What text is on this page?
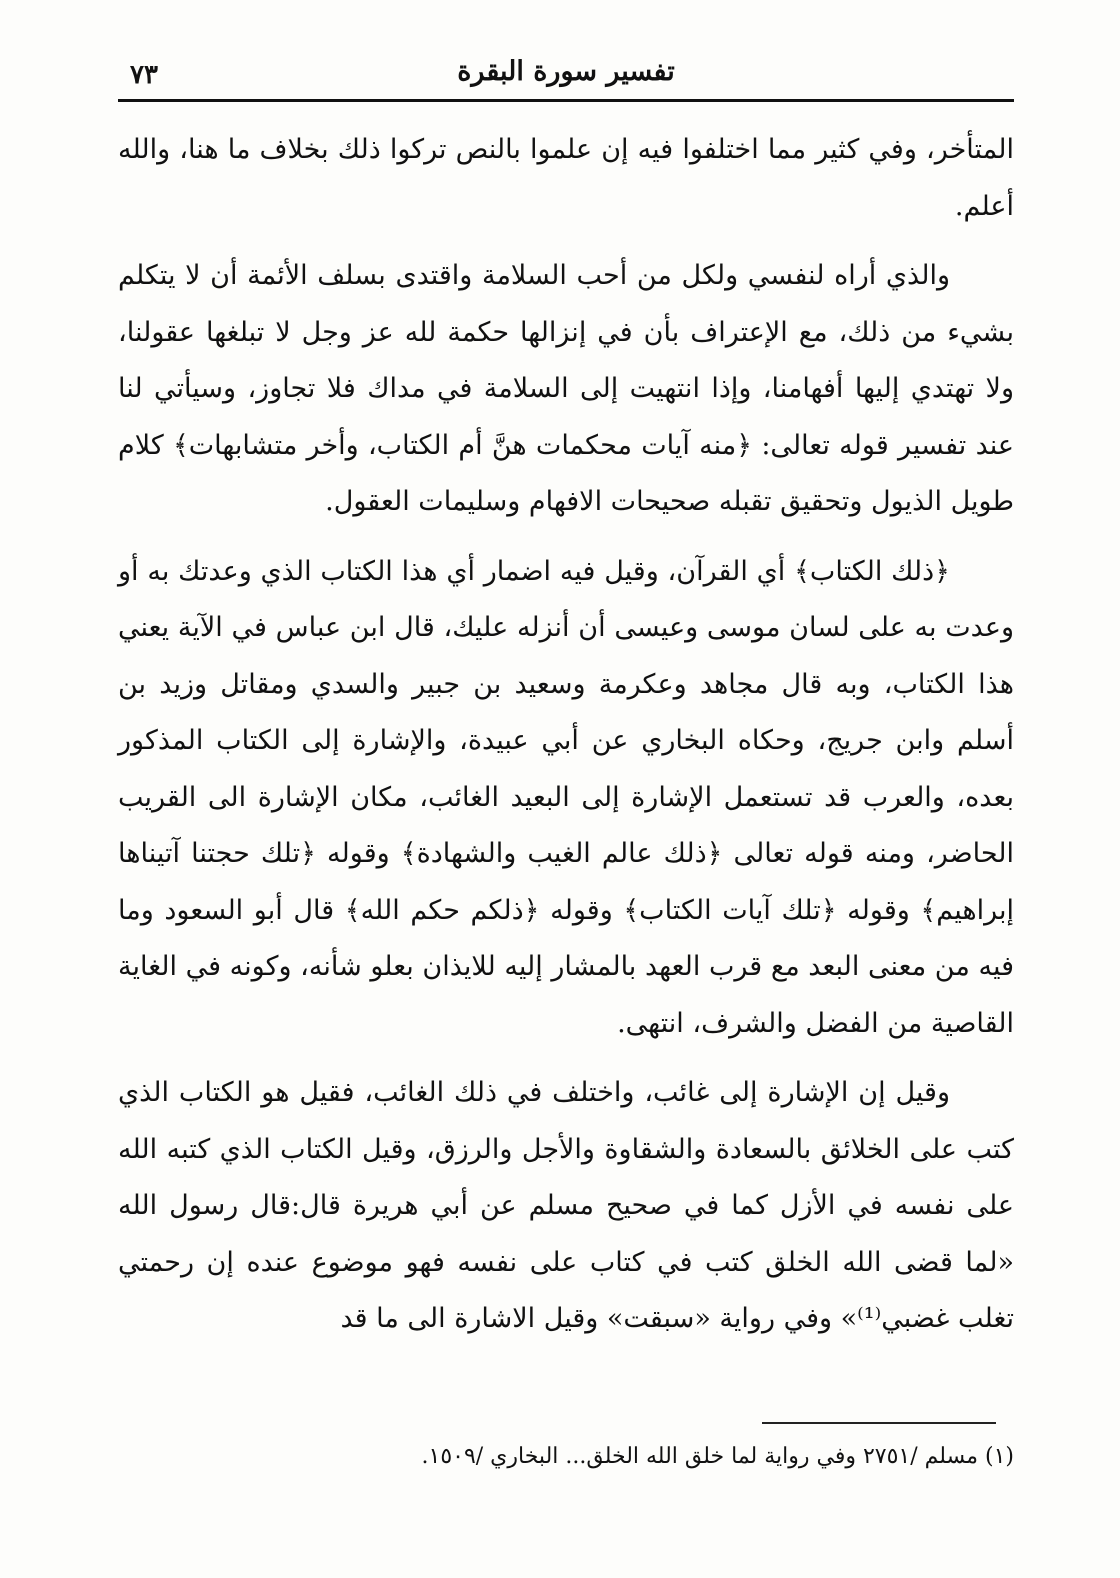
تفسير سورة البقرة
٧٣

المتأخر، وفي كثير مما اختلفوا فيه إن علموا بالنص تركوا ذلك بخلاف ما هنا، والله أعلم.

والذي أراه لنفسي ولكل من أحب السلامة واقتدى بسلف الأئمة أن لا يتكلم بشيء من ذلك، مع الإعتراف بأن في إنزالها حكمة لله عز وجل لا تبلغها عقولنا، ولا تهتدي إليها أفهامنا، وإذا انتهيت إلى السلامة في مداك فلا تجاوز، وسيأتي لنا عند تفسير قوله تعالى: ﴿منه آيات محكمات هنَّ أم الكتاب، وأخر متشابهات﴾ كلام طويل الذيول وتحقيق تقبله صحيحات الافهام وسليمات العقول.

﴿ذلك الكتاب﴾ أي القرآن، وقيل فيه اضمار أي هذا الكتاب الذي وعدتك به أو وعدت به على لسان موسى وعيسى أن أنزله عليك، قال ابن عباس في الآية يعني هذا الكتاب، وبه قال مجاهد وعكرمة وسعيد بن جبير والسدي ومقاتل وزيد بن أسلم وابن جريج، وحكاه البخاري عن أبي عبيدة، والإشارة إلى الكتاب المذكور بعده، والعرب قد تستعمل الإشارة إلى البعيد الغائب، مكان الإشارة الى القريب الحاضر، ومنه قوله تعالى ﴿ذلك عالم الغيب والشهادة﴾ وقوله ﴿تلك حجتنا آتيناها إبراهيم﴾ وقوله ﴿تلك آيات الكتاب﴾ وقوله ﴿ذلكم حكم الله﴾ قال أبو السعود وما فيه من معنى البعد مع قرب العهد بالمشار إليه للايذان بعلو شأنه، وكونه في الغاية القاصية من الفضل والشرف، انتهى.

وقيل إن الإشارة إلى غائب، واختلف في ذلك الغائب، فقيل هو الكتاب الذي كتب على الخلائق بالسعادة والشقاوة والأجل والرزق، وقيل الكتاب الذي كتبه الله على نفسه في الأزل كما في صحيح مسلم عن أبي هريرة قال:قال رسول الله «لما قضى الله الخلق كتب في كتاب على نفسه فهو موضوع عنده إن رحمتي تغلب غضبي⁽¹⁾» وفي رواية «سبقت» وقيل الاشارة الى ما قد

(١) مسلم /٢٧٥١ وفي رواية لما خلق الله الخلق... البخاري /١٥٠٩.
